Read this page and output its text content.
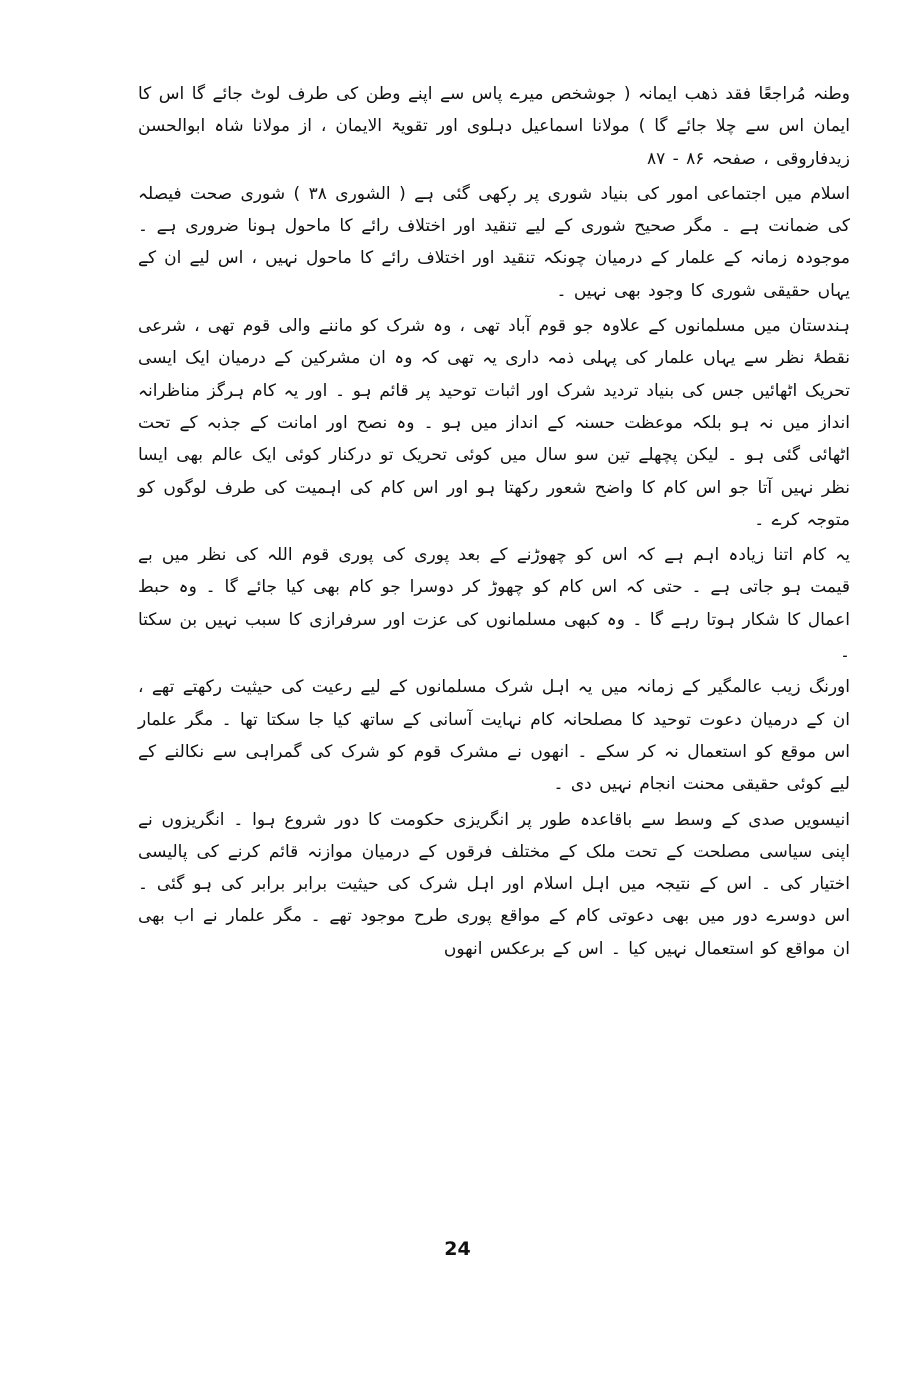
وطنہ مُراجعًا فقد ذھب ایمانہ ( جوشخص میرے پاس سے اپنے وطن کی طرف لوٹ جائے گا اس کا ایمان اس سے چلا جائے گا ) مولانا اسماعیل دہلوی اور تقویۃ الایمان ، از مولانا شاہ ابوالحسن زیدفاروقی ، صفحہ ۸۶ - ۸۷

اسلام میں اجتماعی امور کی بنیاد شوری پر رکھی گئی ہے ( الشوری ۳۸ ) شوری صحت فیصلہ کی ضمانت ہے ۔ مگر صحیح شوری کے لیے تنقید اور اختلاف رائے کا ماحول ہونا ضروری ہے ۔ موجودہ زمانہ کے علمار کے درمیان چونکہ تنقید اور اختلاف رائے کا ماحول نہیں ، اس لیے ان کے یہاں حقیقی شوری کا وجود بھی نہیں ۔

ہندستان میں مسلمانوں کے علاوہ جو قوم آباد تھی ، وہ شرک کو ماننے والی قوم تھی ، شرعی نقطۂ نظر سے یہاں علمار کی پہلی ذمہ داری یہ تھی کہ وہ ان مشرکین کے درمیان ایک ایسی تحریک اٹھائیں جس کی بنیاد تردید شرک اور اثبات توحید پر قائم ہو ۔ اور یہ کام ہرگز مناظرانہ انداز میں نہ ہو بلکہ موعظت حسنہ کے انداز میں ہو ۔ وہ نصح اور امانت کے جذبہ کے تحت اٹھائی گئی ہو ۔ لیکن پچھلے تین سو سال میں کوئی تحریک تو درکنار کوئی ایک عالم بھی ایسا نظر نہیں آتا جو اس کام کا واضح شعور رکھتا ہو اور اس کام کی اہمیت کی طرف لوگوں کو متوجہ کرے ۔

یہ کام اتنا زیادہ اہم ہے کہ اس کو چھوڑنے کے بعد پوری کی پوری قوم اللہ کی نظر میں بے قیمت ہو جاتی ہے ۔ حتی کہ اس کام کو چھوڑ کر دوسرا جو کام بھی کیا جائے گا ۔ وہ حبط اعمال کا شکار ہوتا رہے گا ۔ وہ کبھی مسلمانوں کی عزت اور سرفرازی کا سبب نہیں بن سکتا ۔

اورنگ زیب عالمگیر کے زمانہ میں یہ اہل شرک مسلمانوں کے لیے رعیت کی حیثیت رکھتے تھے ، ان کے درمیان دعوت توحید کا مصلحانہ کام نہایت آسانی کے ساتھ کیا جا سکتا تھا ۔ مگر علمار اس موقع کو استعمال نہ کر سکے ۔ انھوں نے مشرک قوم کو شرک کی گمراہی سے نکالنے کے لیے کوئی حقیقی محنت انجام نہیں دی ۔

انیسویں صدی کے وسط سے باقاعدہ طور پر انگریزی حکومت کا دور شروع ہوا ۔ انگریزوں نے اپنی سیاسی مصلحت کے تحت ملک کے مختلف فرقوں کے درمیان موازنہ قائم کرنے کی پالیسی اختیار کی ۔ اس کے نتیجہ میں اہل اسلام اور اہل شرک کی حیثیت برابر برابر کی ہو گئی ۔ اس دوسرے دور میں بھی دعوتی کام کے مواقع پوری طرح موجود تھے ۔ مگر علمار نے اب بھی ان مواقع کو استعمال نہیں کیا ۔ اس کے برعکس انھوں

24
